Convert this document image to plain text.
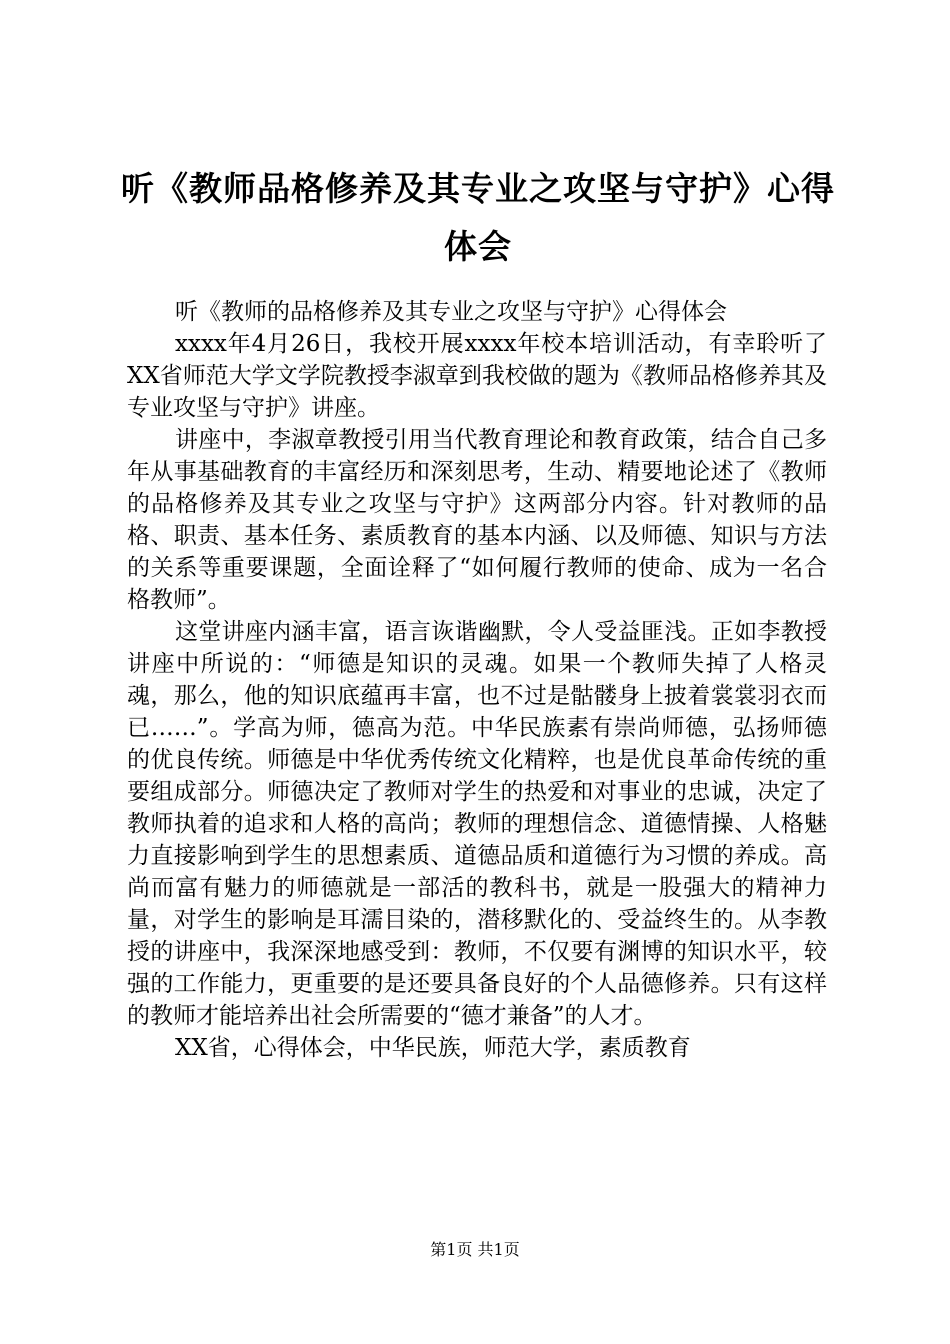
听《教师品格修养及其专业之攻坚与守护》心得体会

听《教师的品格修养及其专业之攻坚与守护》心得体会

xxxx年4月26日，我校开展xxxx年校本培训活动，有幸聆听了XX省师范大学文学院教授李淑章到我校做的题为《教师品格修养其及专业攻坚与守护》讲座。

讲座中，李淑章教授引用当代教育理论和教育政策，结合自己多年从事基础教育的丰富经历和深刻思考，生动、精要地论述了《教师的品格修养及其专业之攻坚与守护》这两部分内容。针对教师的品格、职责、基本任务、素质教育的基本内涵、以及师德、知识与方法的关系等重要课题，全面诠释了“如何履行教师的使命、成为一名合格教师”。

这堂讲座内涵丰富，语言诙谐幽默，令人受益匪浅。正如李教授讲座中所说的：“师德是知识的灵魂。如果一个教师失掉了人格灵魂，那么，他的知识底蕴再丰富，也不过是骷髅身上披着裳裳羽衣而已……”。学高为师，德高为范。中华民族素有崇尚师德，弘扬师德的优良传统。师德是中华优秀传统文化精粹，也是优良革命传统的重要组成部分。师德决定了教师对学生的热爱和对事业的忠诚，决定了教师执着的追求和人格的高尚；教师的理想信念、道德情操、人格魅力直接影响到学生的思想素质、道德品质和道德行为习惯的养成。高尚而富有魅力的师德就是一部活的教科书，就是一股强大的精神力量，对学生的影响是耳濡目染的，潜移默化的、受益终生的。从李教授的讲座中，我深深地感受到：教师，不仅要有渊博的知识水平，较强的工作能力，更重要的是还要具备良好的个人品德修养。只有这样的教师才能培养出社会所需要的“德才兼备”的人才。

XX省，心得体会，中华民族，师范大学，素质教育

第1页 共1页
